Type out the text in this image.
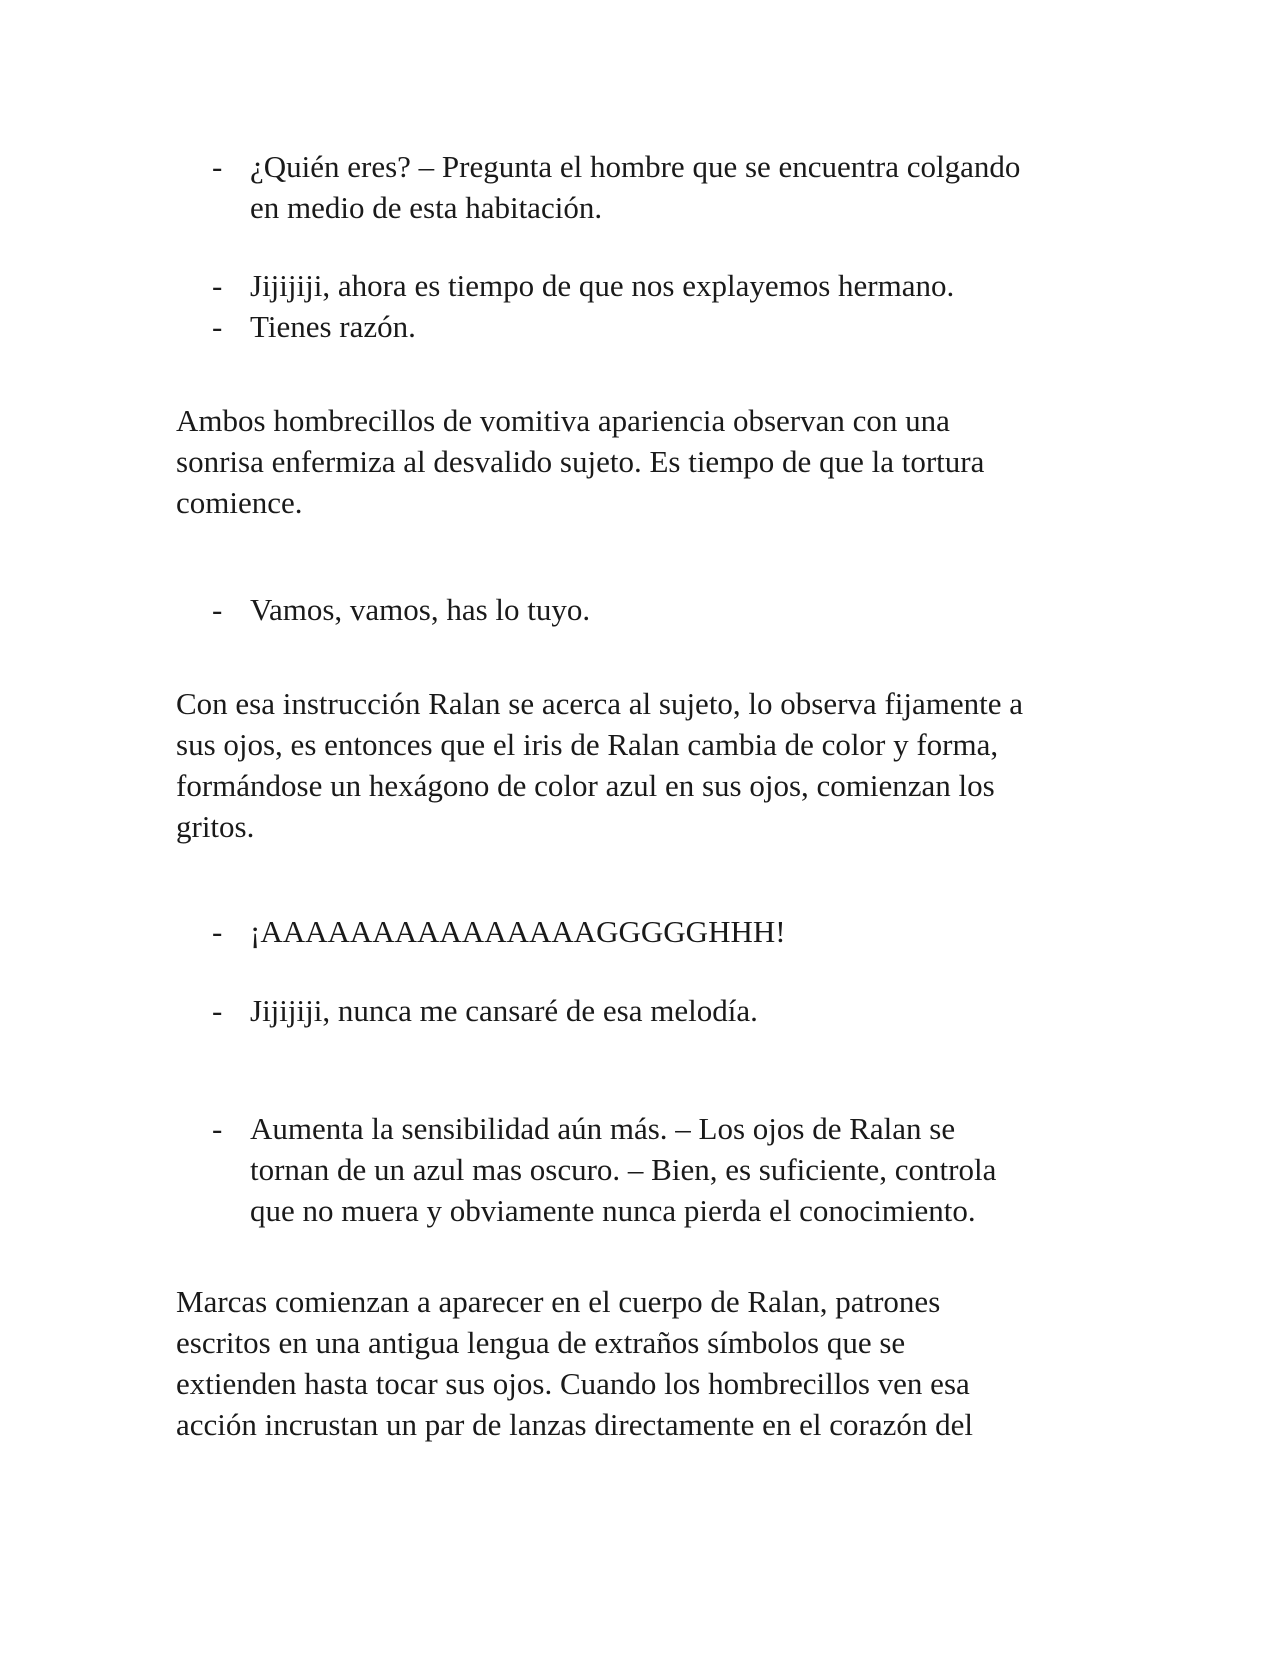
- ¿Quién eres? – Pregunta el hombre que se encuentra colgando
en medio de esta habitación.
- Jijijiji, ahora es tiempo de que nos explayemos hermano.
- Tienes razón.
Ambos hombrecillos de vomitiva apariencia observan con una
sonrisa enfermiza al desvalido sujeto. Es tiempo de que la tortura
comience.
- Vamos, vamos, has lo tuyo.
Con esa instrucción Ralan se acerca al sujeto, lo observa fijamente a
sus ojos, es entonces que el iris de Ralan cambia de color y forma,
formándose un hexágono de color azul en sus ojos, comienzan los
gritos.
- ¡AAAAAAAAAAAAAAAGGGGGHHH!
- Jijijiji, nunca me cansaré de esa melodía.
- Aumenta la sensibilidad aún más. – Los ojos de Ralan se
tornan de un azul mas oscuro. – Bien, es suficiente, controla
que no muera y obviamente nunca pierda el conocimiento.
Marcas comienzan a aparecer en el cuerpo de Ralan, patrones
escritos en una antigua lengua de extraños símbolos que se
extienden hasta tocar sus ojos. Cuando los hombrecillos ven esa
acción incrustan un par de lanzas directamente en el corazón del
